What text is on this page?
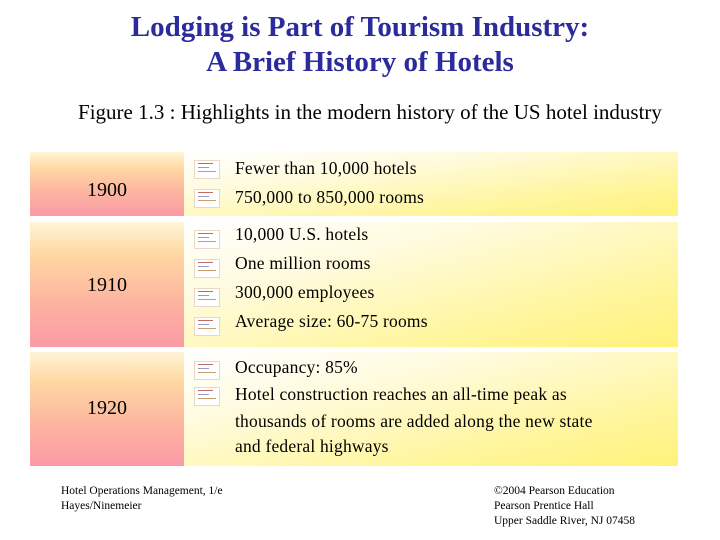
Lodging is Part of Tourism Industry:
A Brief History of Hotels
Figure 1.3 : Highlights in the modern history of the US hotel industry
1900
Fewer than 10,000 hotels
750,000 to 850,000 rooms
1910
10,000 U.S. hotels
One million rooms
300,000 employees
Average size: 60-75 rooms
1920
Occupancy: 85%
Hotel construction reaches an all-time peak as
thousands of rooms are added along the new state
and federal highways
Hotel Operations Management, 1/e
Hayes/Ninemeier
©2004 Pearson Education
Pearson Prentice Hall
Upper Saddle River, NJ 07458
